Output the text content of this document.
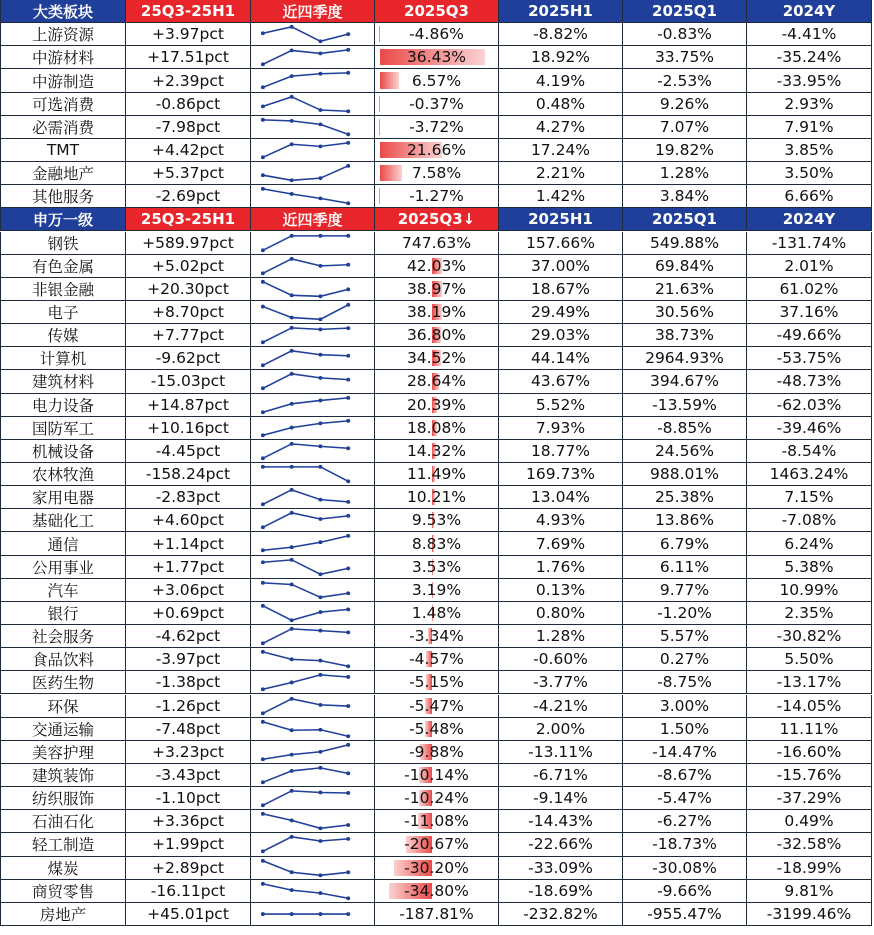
大类板块	25Q3-25H1	近四季度	2025Q3	2025H1	2025Q1	2024Y
上游资源	+3.97pct	-4.86%	-8.82%	-0.83%	-4.41%
中游材料	+17.51pct	36.43%	18.92%	33.75%	-35.24%
中游制造	+2.39pct	6.57%	4.19%	-2.53%	-33.95%
可选消费	-0.86pct	-0.37%	0.48%	9.26%	2.93%
必需消费	-7.98pct	-3.72%	4.27%	7.07%	7.91%
TMT	+4.42pct	21.66%	17.24%	19.82%	3.85%
金融地产	+5.37pct	7.58%	2.21%	1.28%	3.50%
其他服务	-2.69pct	-1.27%	1.42%	3.84%	6.66%
申万一级	25Q3-25H1	近四季度	2025Q3↓	2025H1	2025Q1	2024Y
钢铁	+589.97pct	747.63%	157.66%	549.88%	-131.74%
有色金属	+5.02pct	42.03%	37.00%	69.84%	2.01%
非银金融	+20.30pct	38.97%	18.67%	21.63%	61.02%
电子	+8.70pct	38.19%	29.49%	30.56%	37.16%
传媒	+7.77pct	36.80%	29.03%	38.73%	-49.66%
计算机	-9.62pct	34.52%	44.14%	2964.93%	-53.75%
建筑材料	-15.03pct	28.64%	43.67%	394.67%	-48.73%
电力设备	+14.87pct	20.39%	5.52%	-13.59%	-62.03%
国防军工	+10.16pct	18.08%	7.93%	-8.85%	-39.46%
机械设备	-4.45pct	14.32%	18.77%	24.56%	-8.54%
农林牧渔	-158.24pct	11.49%	169.73%	988.01%	1463.24%
家用电器	-2.83pct	10.21%	13.04%	25.38%	7.15%
基础化工	+4.60pct	9.53%	4.93%	13.86%	-7.08%
通信	+1.14pct	8.83%	7.69%	6.79%	6.24%
公用事业	+1.77pct	3.53%	1.76%	6.11%	5.38%
汽车	+3.06pct	3.19%	0.13%	9.77%	10.99%
银行	+0.69pct	1.48%	0.80%	-1.20%	2.35%
社会服务	-4.62pct	-3.34%	1.28%	5.57%	-30.82%
食品饮料	-3.97pct	-4.57%	-0.60%	0.27%	5.50%
医药生物	-1.38pct	-5.15%	-3.77%	-8.75%	-13.17%
环保	-1.26pct	-5.47%	-4.21%	3.00%	-14.05%
交通运输	-7.48pct	-5.48%	2.00%	1.50%	11.11%
美容护理	+3.23pct	-9.88%	-13.11%	-14.47%	-16.60%
建筑装饰	-3.43pct	-10.14%	-6.71%	-8.67%	-15.76%
纺织服饰	-1.10pct	-10.24%	-9.14%	-5.47%	-37.29%
石油石化	+3.36pct	-11.08%	-14.43%	-6.27%	0.49%
轻工制造	+1.99pct	-20.67%	-22.66%	-18.73%	-32.58%
煤炭	+2.89pct	-30.20%	-33.09%	-30.08%	-18.99%
商贸零售	-16.11pct	-34.80%	-18.69%	-9.66%	9.81%
房地产	+45.01pct	-187.81%	-232.82%	-955.47%	-3199.46%
